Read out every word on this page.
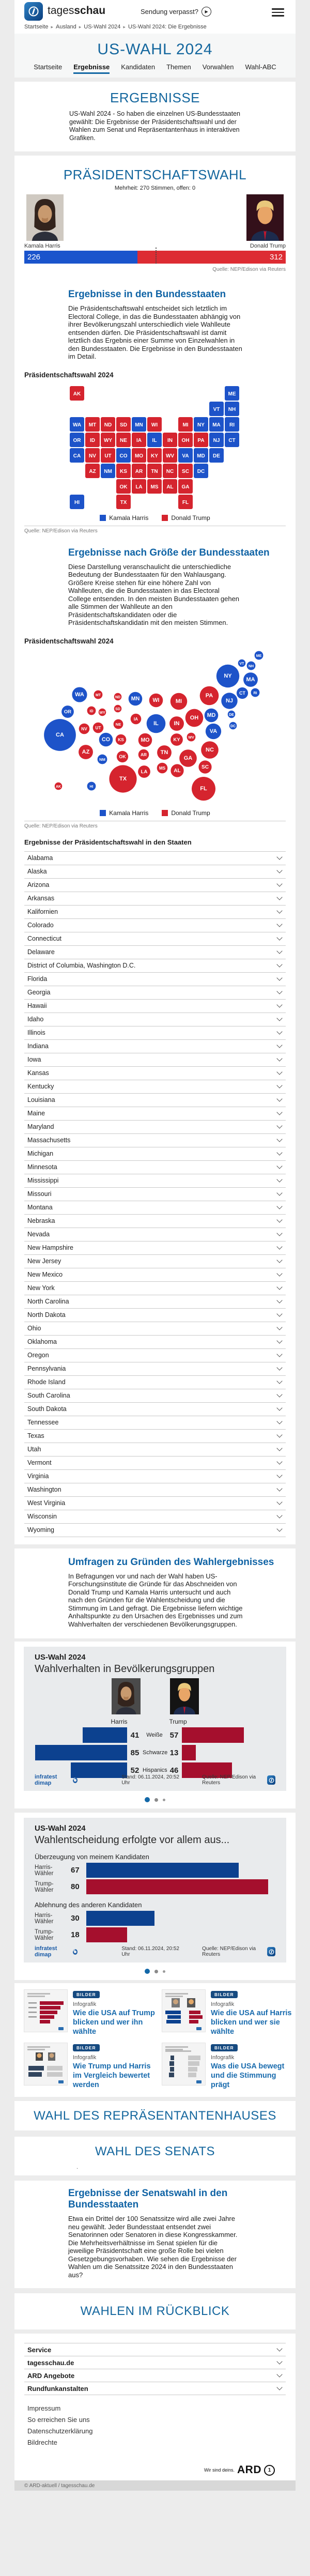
tagesschau	Sendung verpasst?	▶
Startseite ▸ Ausland ▸ US-Wahl 2024 ▸ US-Wahl 2024: Die Ergebnisse
US-WAHL 2024
Startseite Ergebnisse Kandidaten Themen Vorwahlen Wahl-ABC
ERGEBNISSE

US-Wahl 2024 - So haben die einzelnen US-Bundesstaaten gewählt: Die Ergebnisse der Präsidentschaftswahl und der Wahlen zum Senat und Repräsentantenhaus in interaktiven Grafiken.

PRÄSIDENTSCHAFTSWAHL
Mehrheit: 270 Stimmen, offen: 0
Kamala Harris	Donald Trump
226	312
Quelle: NEP/Edison via Reuters
Ergebnisse in den Bundesstaaten

Die Präsidentschaftswahl entscheidet sich letztlich im Electoral College, in das die Bundesstaaten abhängig von ihrer Bevölkerungszahl unterschiedlich viele Wahlleute entsenden dürfen. Die Präsidentschaftswahl ist damit letztlich das Ergebnis einer Summe von Einzelwahlen in den Bundesstaaten. Die Ergebnisse in den Bundesstaaten im Detail.

Präsidentschaftswahl 2024
AK	ME
VT NH
WA MT ND SD MN WI	MI NY MA RI
OR ID WY NE IA IL IN OH PA NJ CT
CA NV UT CO MO KY WV VA MD DE
AZ NM KS AR TN NC SC DC
OK LA MS AL GA
HI	TX	FL
Kamala Harris	Donald Trump
Quelle: NEP/Edison via Reuters
Ergebnisse nach Größe der Bundesstaaten

Diese Darstellung veranschaulicht die unterschiedliche Bedeutung der Bundesstaaten für den Wahlausgang. Größere Kreise stehen für eine höhere Zahl von Wahlleuten, die die Bundesstaaten in das Electoral College entsenden. In den meisten Bundesstaaten gehen alle Stimmen der Wahlleute an den Präsidentschaftskandidaten oder die Präsidentschaftskandidatin mit den meisten Stimmen.

Präsidentschaftswahl 2024
ME
VT
NH
NY
MA
WA	CT RI
PA
NJ
MT
ND MN WI	MI
OR	ID WY
SD
MD	DE
DC
IA
NE	IL	IN
OH
NV UT
CA	WV
VA
CO KS	MO	KY
NC
AZ	TN
OK	AR
NM	GA
SC
MS AL
LA
TX
AK	HI	FL
Kamala Harris	Donald Trump
Quelle: NEP/Edison via Reuters
Ergebnisse der Präsidentschaftswahl in den Staaten
Alabama
Alaska
Arizona
Arkansas
Kalifornien
Colorado
Connecticut
Delaware
District of Columbia, Washington D.C.
Florida
Georgia
Hawaii
Idaho
Illinois
Indiana
Iowa
Kansas
Kentucky
Louisiana
Maine
Maryland
Massachusetts
Michigan
Minnesota
Mississippi
Missouri
Montana
Nebraska
Nevada
New Hampshire
New Jersey
New Mexico
New York
North Carolina
North Dakota
Ohio
Oklahoma
Oregon
Pennsylvania
Rhode Island
South Carolina
South Dakota
Tennessee
Texas
Utah
Vermont
Virginia
Washington
West Virginia
Wisconsin
Wyoming
Umfragen zu Gründen des Wahlergebnisses

In Befragungen vor und nach der Wahl haben US-Forschungsinstitute die Gründe für das Abschneiden von Donald Trump und Kamala Harris untersucht und auch nach den Gründen für die Wahlentscheidung und die Stimmung im Land gefragt. Die Ergebnisse liefern wichtige Anhaltspunkte zu den Ursachen des Ergebnisses und zum Wahlverhalten der verschiedenen Bevölkerungsgruppen.

US-Wahl 2024
Wahlverhalten in Bevölkerungsgruppen
Harris	Trump
41	Weiße 57
85 Schwarze 13
52 Hispanics 46
infratest dimap
Stand: 06.11.2024, 20:52 Uhr
Quelle: NEP/Edison via Reuters
US-Wahl 2024
Wahlentscheidung erfolgte vor allem aus...
Überzeugung von meinem Kandidaten
Harris-Wähler	67
Trump-Wähler	80
Ablehnung des anderen Kandidaten
Harris-Wähler	30
Trump-Wähler	18
infratest dimap
Stand: 06.11.2024, 20:52 Uhr
Quelle: NEP/Edison via Reuters
BILDER
Infografik
Wie die USA auf Trump blicken und wer ihn wählte
BILDER
Infografik
Wie die USA auf Harris blicken und wer sie wählte
BILDER
Infografik
Wie Trump und Harris im Vergleich bewertet werden
BILDER
Infografik
Was die USA bewegt und die Stimmung prägt
WAHL DES REPRÄSENTANTENHAUSES
WAHL DES SENATS
.
Ergebnisse der Senatswahl in den Bundesstaaten

Etwa ein Drittel der 100 Senatssitze wird alle zwei Jahre neu gewählt. Jeder Bundesstaat entsendet zwei Senatorinnen oder Senatoren in diese Kongresskammer. Die Mehrheitsverhältnisse im Senat spielen für die jeweilige Präsidentschaft eine große Rolle bei vielen Gesetzgebungsvorhaben. Wie sehen die Ergebnisse der Wahlen um die Senatssitze 2024 in den Bundesstaaten aus?

WAHLEN IM RÜCKBLICK
Service
tagesschau.de
ARD Angebote
Rundfunkanstalten
Impressum
So erreichen Sie uns
Datenschutzerklärung
Bildrechte
Wir sind deins. ARD	1
© ARD-aktuell / tagesschau.de
